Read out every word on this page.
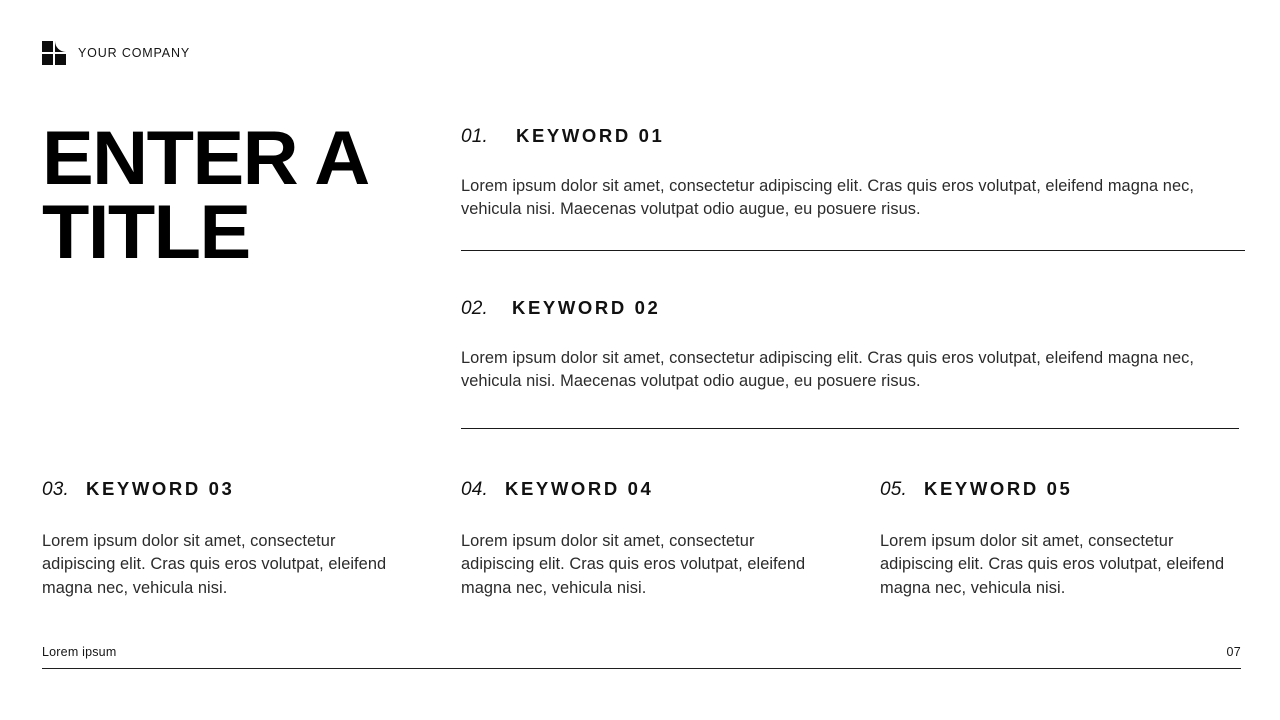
YOUR COMPANY
ENTER A
TITLE
01. KEYWORD 01

Lorem ipsum dolor sit amet, consectetur adipiscing elit. Cras quis eros volutpat, eleifend magna nec, vehicula nisi. Maecenas volutpat odio augue, eu posuere risus.

02. KEYWORD 02

Lorem ipsum dolor sit amet, consectetur adipiscing elit. Cras quis eros volutpat, eleifend magna nec, vehicula nisi. Maecenas volutpat odio augue, eu posuere risus.

03. KEYWORD 03

Lorem ipsum dolor sit amet, consectetur adipiscing elit. Cras quis eros volutpat, eleifend magna nec, vehicula nisi.

04. KEYWORD 04

Lorem ipsum dolor sit amet, consectetur adipiscing elit. Cras quis eros volutpat, eleifend magna nec, vehicula nisi.

05. KEYWORD 05

Lorem ipsum dolor sit amet, consectetur adipiscing elit. Cras quis eros volutpat, eleifend magna nec, vehicula nisi.

Lorem ipsum	07
